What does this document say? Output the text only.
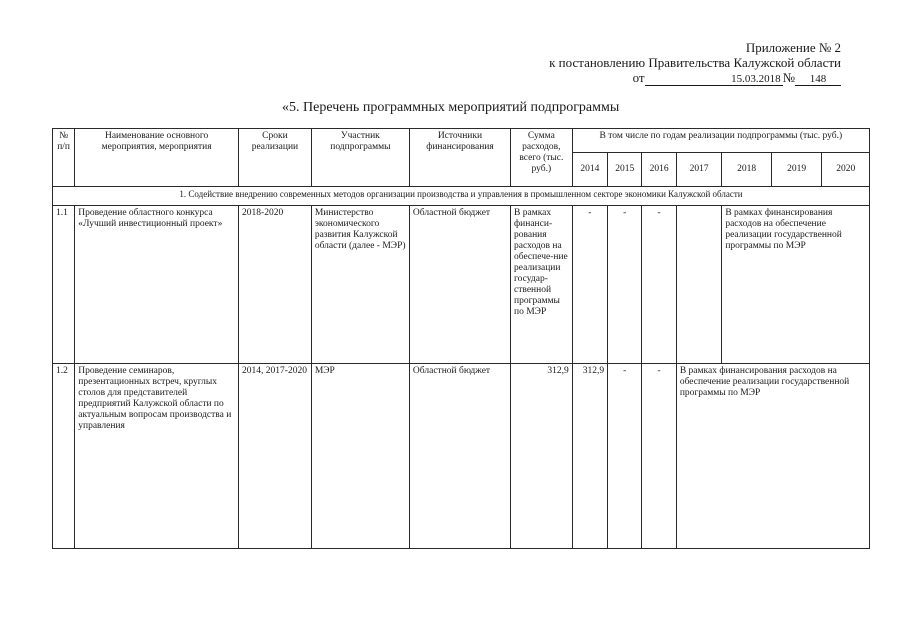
Приложение № 2
к постановлению Правительства Калужской области
от	15.03.2018 № 148
«5. Перечень программных мероприятий подпрограммы
№ п/п	Наименование основного мероприятия, мероприятия	Сроки реализации	Участник подпрограммы	Источники финансирования	Сумма расходов, всего (тыс. руб.)	В том числе по годам реализации подпрограммы (тыс. руб.)						
						2014	2015	2016	2017	2018	2019	2020
1. Содействие внедрению современных методов организации производства и управления в промышленном секторе экономики Калужской области												
1.1	Проведение областного конкурса «Лучший инвестиционный проект»	2018-2020	Министерство экономического развития Калужской области (далее - МЭР)	Областной бюджет	В рамках финанси-рования расходов на обеспече-ние реализации государ-ственной программы по МЭР	-	-	-		В рамках финансирования расходов на обеспечение реализации государственной программы по МЭР		
1.2	Проведение семинаров, презентационных встреч, круглых столов для представителей предприятий Калужской области по актуальным вопросам производства и управления	2014, 2017-2020	МЭР	Областной бюджет	312,9	312,9	-	-	В рамках финансирования расходов на обеспечение реализации государственной программы по МЭР			
